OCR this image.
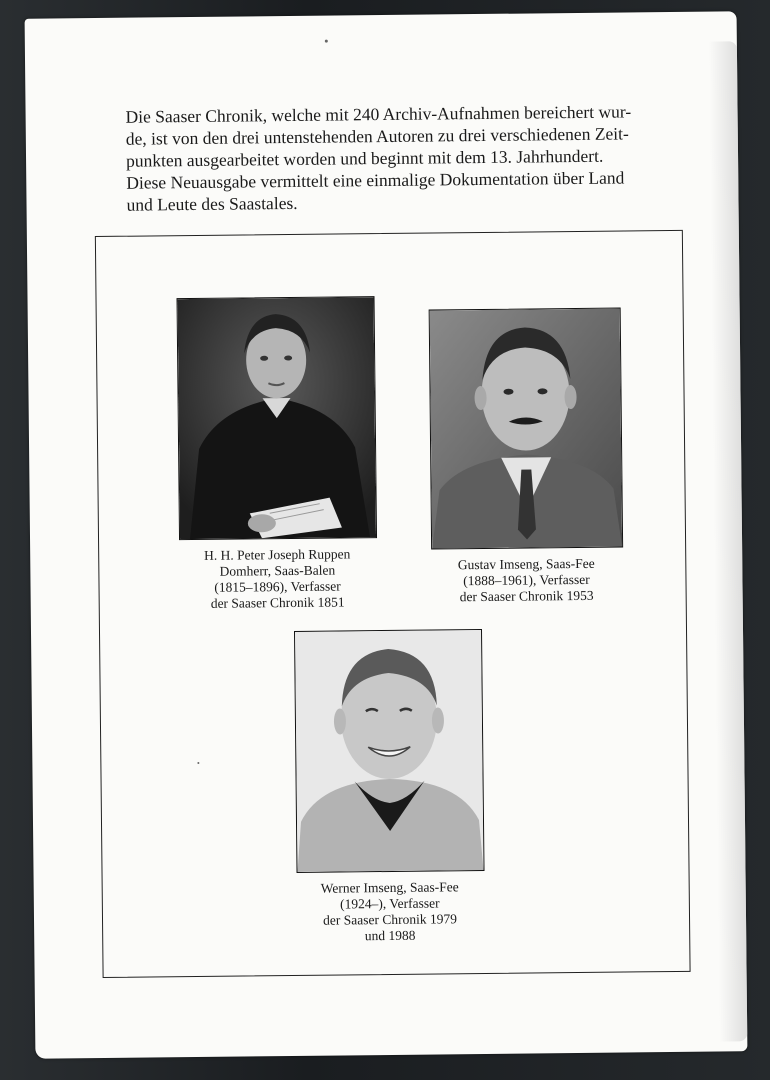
Die Saaser Chronik, welche mit 240 Archiv-Aufnahmen bereichert wur-
de, ist von den drei untenstehenden Autoren zu drei verschiedenen Zeit-
punkten ausgearbeitet worden und beginnt mit dem 13. Jahrhundert.
Diese Neuausgabe vermittelt eine einmalige Dokumentation über Land
und Leute des Saastales.

H. H. Peter Joseph Ruppen
Domherr, Saas-Balen
(1815–1896), Verfasser
der Saaser Chronik 1851

Gustav Imseng, Saas-Fee
(1888–1961), Verfasser
der Saaser Chronik 1953

Werner Imseng, Saas-Fee
(1924–), Verfasser
der Saaser Chronik 1979
und 1988
